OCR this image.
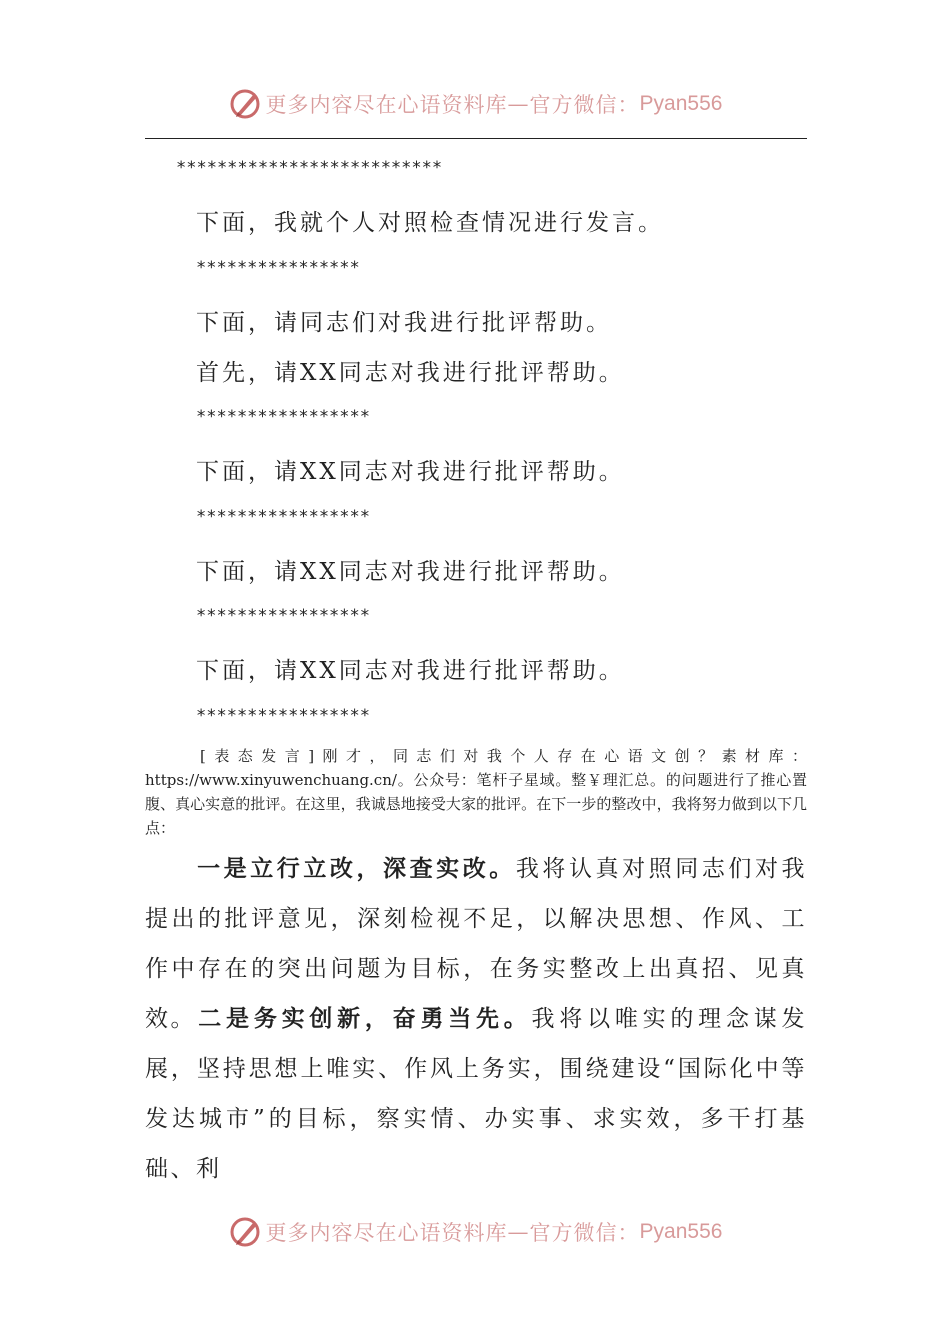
更多内容尽在心语资料库 — 官方微信： Pyan556
**************************
下面，我就个人对照检查情况进行发言。
****************
下面，请同志们对我进行批评帮助。
首先，请XX同志对我进行批评帮助。
*****************
下面，请XX同志对我进行批评帮助。
*****************
下面，请XX同志对我进行批评帮助。
*****************
下面，请XX同志对我进行批评帮助。
*****************
[表态发言]刚才，同志们对我个人存在心语文创？素材库：https://www.xinyuwenchuang.cn/。公众号：笔杆子星域。整￥理汇总。的问题进行了推心置腹、真心实意的批评。在这里，我诚恳地接受大家的批评。在下一步的整改中，我将努力做到以下几点：
一是立行立改，深查实改。我将认真对照同志们对我提出的批评意见，深刻检视不足，以解决思想、作风、工作中存在的突出问题为目标，在务实整改上出真招、见真效。 二是务实创新，奋勇当先。我将以唯实的理念谋发展，坚持思想上唯实、作风上务实，围绕建设“国际化中等发达城市”的目标，察实情、办实事、求实效，多干打基础、利
更多内容尽在心语资料库 — 官方微信： Pyan556
